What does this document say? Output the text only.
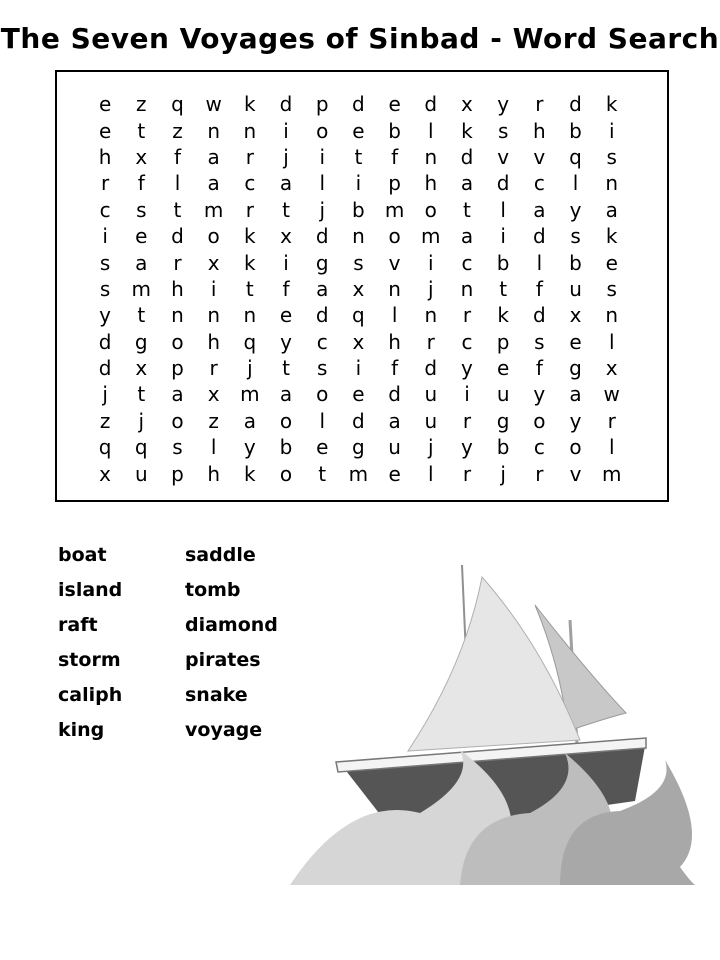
The Seven Voyages of Sinbad - Word Search
e	z	q	w	k	d	p	d	e	d	x	y	r	d	k
e	t	z	n	n	i	o	e	b	l	k	s	h	b	i
h	x	f	a	r	j	i	t	f	n	d	v	v	q	s
r	f	l	a	c	a	l	i	p	h	a	d	c	l	n
c	s	t	m	r	t	j	b	m	o	t	l	a	y	a
i	e	d	o	k	x	d	n	o	m	a	i	d	s	k
s	a	r	x	k	i	g	s	v	i	c	b	l	b	e
s	m	h	i	t	f	a	x	n	j	n	t	f	u	s
y	t	n	n	n	e	d	q	l	n	r	k	d	x	n
d	g	o	h	q	y	c	x	h	r	c	p	s	e	l
d	x	p	r	j	t	s	i	f	d	y	e	f	g	x
j	t	a	x	m	a	o	e	d	u	i	u	y	a	w
z	j	o	z	a	o	l	d	a	u	r	g	o	y	r
q	q	s	l	y	b	e	g	u	j	y	b	c	o	l
x	u	p	h	k	o	t	m	e	l	r	j	r	v	m
boat
island
raft
storm
caliph
king
saddle
tomb
diamond
pirates
snake
voyage
